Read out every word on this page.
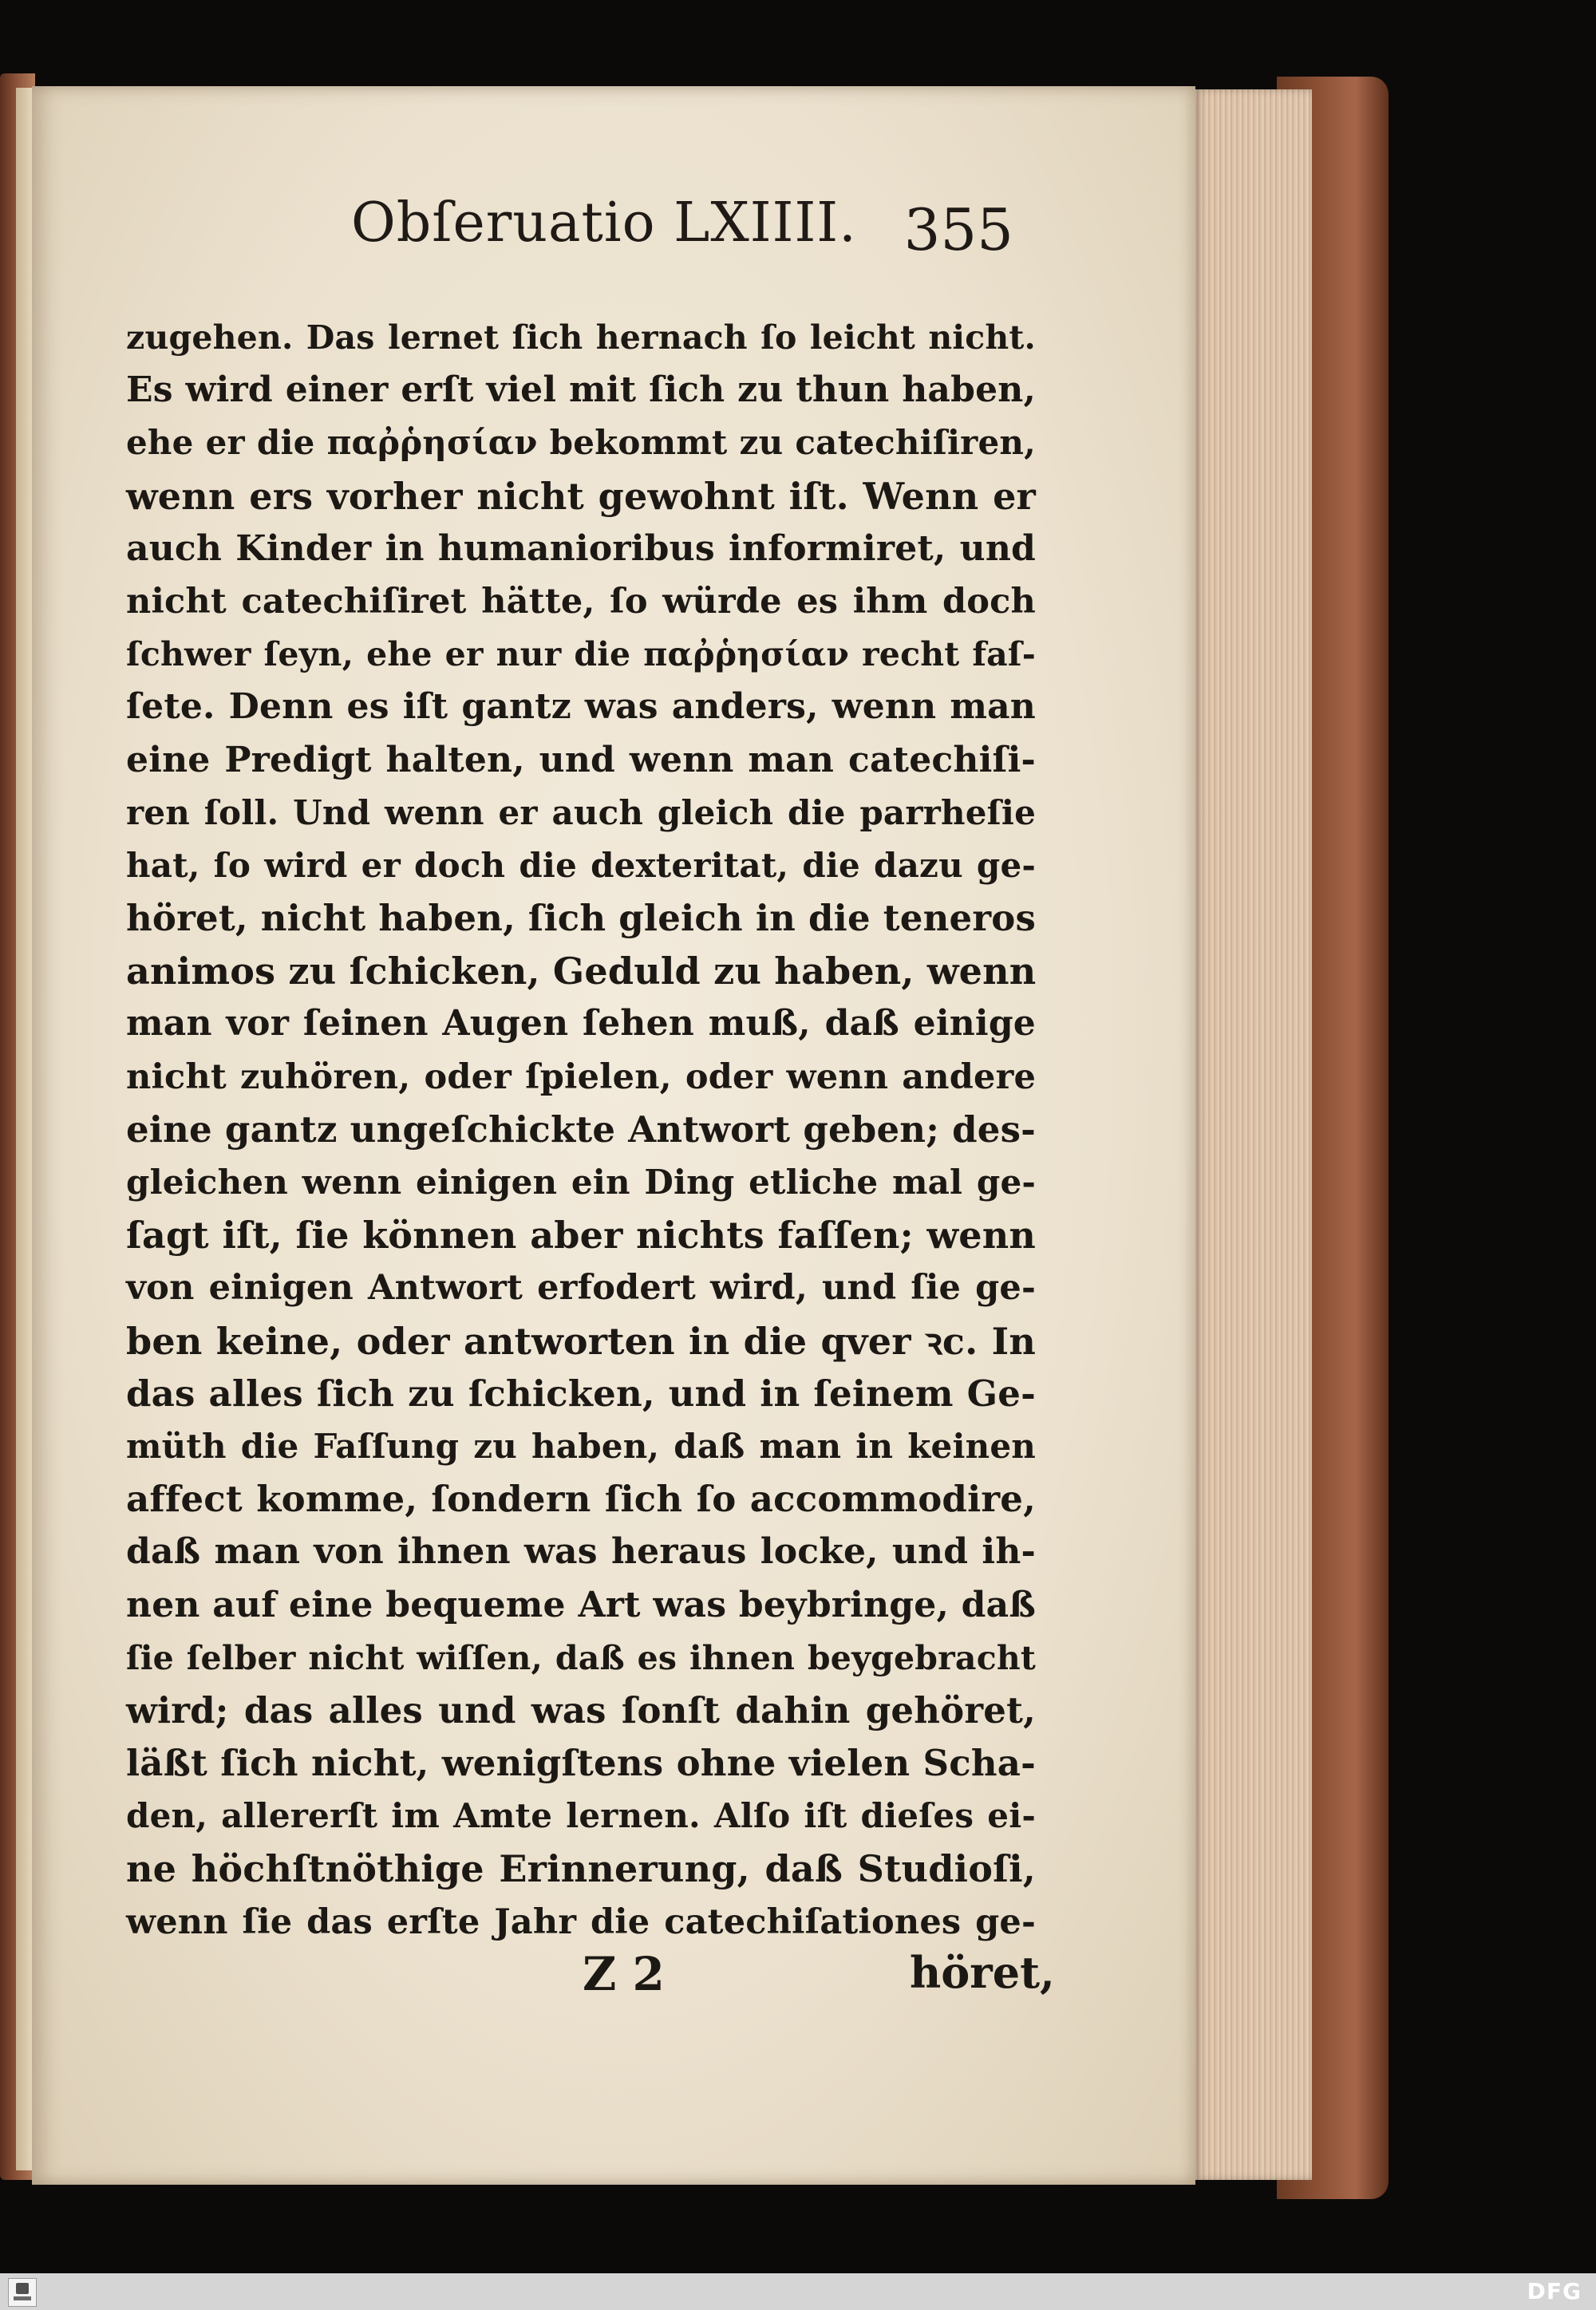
Obſeruatio LXIIII. 355
zugehen. Das lernet ſich hernach ſo leicht nicht.
Es wird einer erſt viel mit ſich zu thun haben,
ehe er die παῤῥησίαν bekommt zu catechiſiren,
wenn ers vorher nicht gewohnt iſt. Wenn er
auch Kinder in humanioribus informiret, und
nicht catechiſiret hätte, ſo würde es ihm doch
ſchwer ſeyn, ehe er nur die παῤῥησίαν recht faſ-
ſete. Denn es iſt gantz was anders, wenn man
eine Predigt halten, und wenn man catechiſi-
ren ſoll. Und wenn er auch gleich die parrheſie
hat, ſo wird er doch die dexteritat, die dazu ge-
höret, nicht haben, ſich gleich in die teneros
animos zu ſchicken, Geduld zu haben, wenn
man vor ſeinen Augen ſehen muß, daß einige
nicht zuhören, oder ſpielen, oder wenn andere
eine gantz ungeſchickte Antwort geben; des-
gleichen wenn einigen ein Ding etliche mal ge-
ſagt iſt, ſie können aber nichts faſſen; wenn
von einigen Antwort erfodert wird, und ſie ge-
ben keine, oder antworten in die qver ꝛc. In
das alles ſich zu ſchicken, und in ſeinem Ge-
müth die Faſſung zu haben, daß man in keinen
affect komme, ſondern ſich ſo accommodire,
daß man von ihnen was heraus locke, und ih-
nen auf eine bequeme Art was beybringe, daß
ſie ſelber nicht wiſſen, daß es ihnen beygebracht
wird; das alles und was ſonſt dahin gehöret,
läßt ſich nicht, wenigſtens ohne vielen Scha-
den, allererſt im Amte lernen. Alſo iſt dieſes ei-
ne höchſtnöthige Erinnerung, daß Studioſi,
wenn ſie das erſte Jahr die catechiſationes ge-
Z 2	höret,
DFG
